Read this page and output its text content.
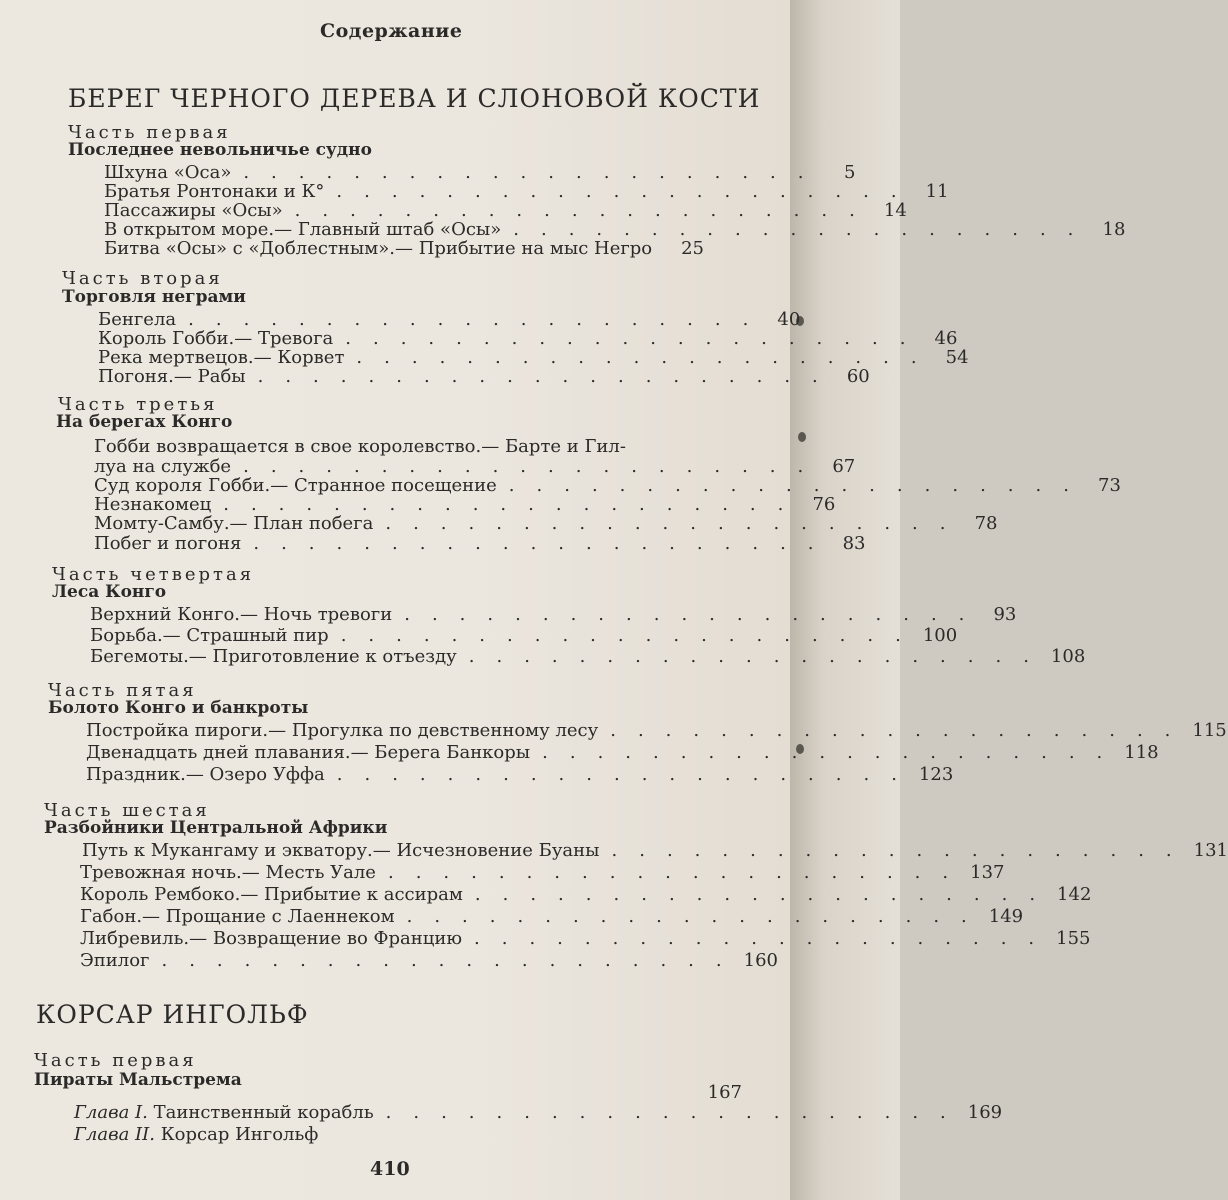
Содержание
БЕРЕГ ЧЕРНОГО ДЕРЕВА И СЛОНОВОЙ КОСТИ
Часть первая
Последнее невольничье судно
Шхуна «Оса» .....................	5
Братья Ронтонаки и К° ..................... 11
Пассажиры «Осы» ..................... 14
В открытом море.— Главный штаб «Осы» ..................... 18
Битва «Осы» с «Доблестным».— Прибытие на мыс Негро	25
Часть вторая
Торговля неграми
Бенгела ..................... 40
Король Гобби.— Тревога ..................... 46
Река мертвецов.— Корвет ..................... 54
Погоня.— Рабы ..................... 60
Часть третья
На берегах Конго
Гобби возвращается в свое королевство.— Барте и Гил-
луа на службе ..................... 67
Суд короля Гобби.— Странное посещение ..................... 73
Незнакомец ..................... 76
Момту-Самбу.— План побега ..................... 78
Побег и погоня ..................... 83
Часть четвертая
Леса Конго
Верхний Конго.— Ночь тревоги ..................... 93
Борьба.— Страшный пир ..................... 100
Бегемоты.— Приготовление к отъезду ..................... 108
Часть пятая
Болото Конго и банкроты
Постройка пироги.— Прогулка по девственному лесу ..................... 115
Двенадцать дней плавания.— Берега Банкоры ..................... 118
Праздник.— Озеро Уффа ..................... 123
Часть шестая
Разбойники Центральной Африки
Путь к Мукангаму и экватору.— Исчезновение Буаны ..................... 131
Тревожная ночь.— Месть Уале ..................... 137
Король Рембоко.— Прибытие к ассирам ..................... 142
Габон.— Прощание с Лаеннеком ..................... 149
Либревиль.— Возвращение во Францию ..................... 155
Эпилог ..................... 160
КОРСАР ИНГОЛЬФ
Часть первая
Пираты Мальстрема
167
Глава I. Таинственный корабль ..................... 169
Глава II. Корсар Ингольф
410
